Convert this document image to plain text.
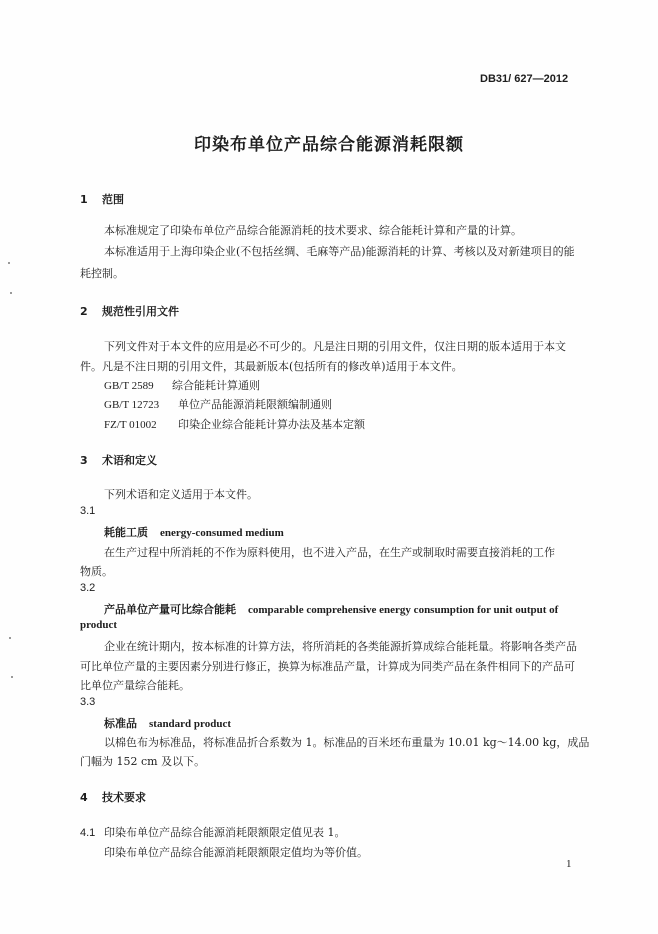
DB31/ 627—2012
印染布单位产品综合能源消耗限额
1 范围
本标准规定了印染布单位产品综合能源消耗的技术要求、综合能耗计算和产量的计算。
本标准适用于上海印染企业(不包括丝绸、毛麻等产品)能源消耗的计算、考核以及对新建项目的能
耗控制。
2 规范性引用文件
下列文件对于本文件的应用是必不可少的。凡是注日期的引用文件，仅注日期的版本适用于本文
件。凡是不注日期的引用文件，其最新版本(包括所有的修改单)适用于本文件。
GB/T 2589 综合能耗计算通则
GB/T 12723 单位产品能源消耗限额编制通则
FZ/T 01002 印染企业综合能耗计算办法及基本定额
3 术语和定义
下列术语和定义适用于本文件。
3.1
耗能工质 energy-consumed medium
在生产过程中所消耗的不作为原料使用，也不进入产品，在生产或制取时需要直接消耗的工作
物质。
3.2
产品单位产量可比综合能耗 comparable comprehensive energy consumption for unit output of
product
企业在统计期内，按本标准的计算方法，将所消耗的各类能源折算成综合能耗量。将影响各类产品
可比单位产量的主要因素分别进行修正，换算为标准品产量，计算成为同类产品在条件相同下的产品可
比单位产量综合能耗。
3.3
标准品 standard product
以棉色布为标准品，将标准品折合系数为 1。标准品的百米坯布重量为 10.01 kg～14.00 kg，成品
门幅为 152 cm 及以下。
4 技术要求
4.1 印染布单位产品综合能源消耗限额限定值见表 1。
印染布单位产品综合能源消耗限额限定值均为等价值。
1
